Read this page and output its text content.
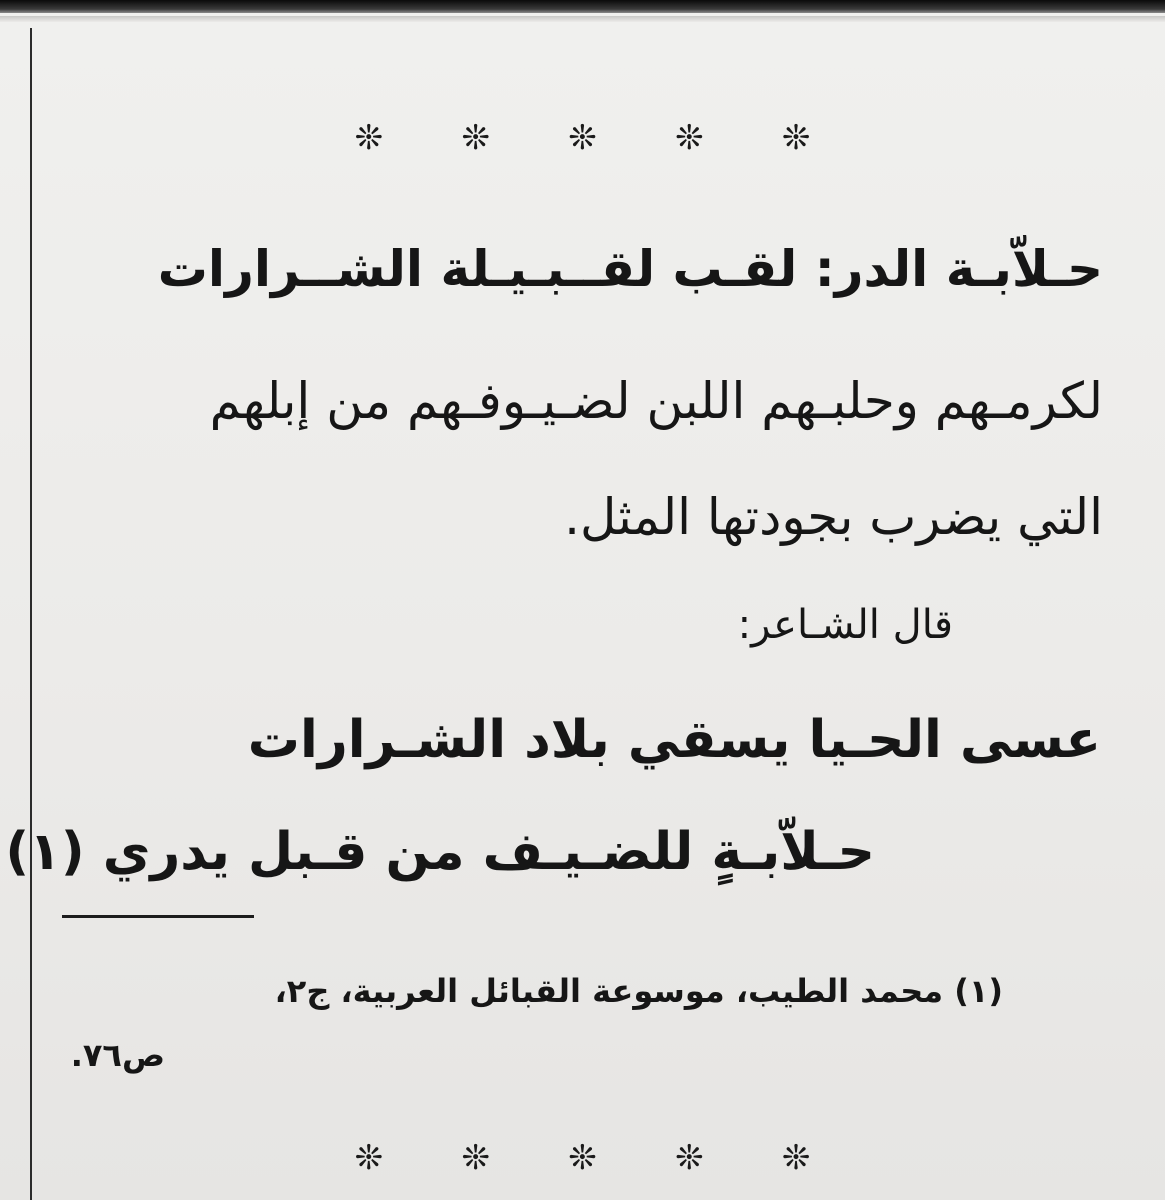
❊ ❊ ❊ ❊ ❊
حـلاّبـة الدر: لقـب لقــبـيـلة الشــرارات
لكرمـهم وحلبـهم اللبن لضـيـوفـهم من إبلهم
التي يضرب بجودتها المثل.
قال الشـاعر:
عسى الحـيا يسقي بلاد الشـرارات
حـلاّبـةٍ للضـيـف من قـبل يدري (١)
(١) محمد الطيب، موسوعة القبائل العربية، ج٢،
ص٧٦.
❊ ❊ ❊ ❊ ❊
